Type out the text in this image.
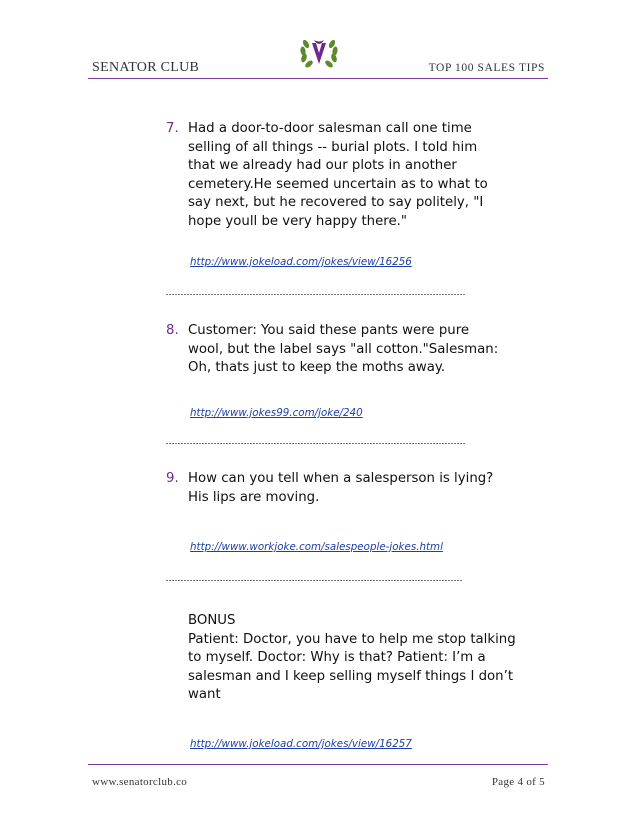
SENATOR CLUB	TOP 100 SALES TIPS
7. Had a door-to-door salesman call one time selling of all things -- burial plots. I told him that we already had our plots in another cemetery.He seemed uncertain as to what to say next, but he recovered to say politely, "I hope youll be very happy there."
http://www.jokeload.com/jokes/view/16256
8. Customer: You said these pants were pure wool, but the label says "all cotton."Salesman: Oh, thats just to keep the moths away.
http://www.jokes99.com/joke/240
9. How can you tell when a salesperson is lying?His lips are moving.
http://www.workjoke.com/salespeople-jokes.html
BONUS
Patient: Doctor, you have to help me stop talking to myself. Doctor: Why is that? Patient: I’m a salesman and I keep selling myself things I don’t want
http://www.jokeload.com/jokes/view/16257
www.senatorclub.co	Page 4 of 5
